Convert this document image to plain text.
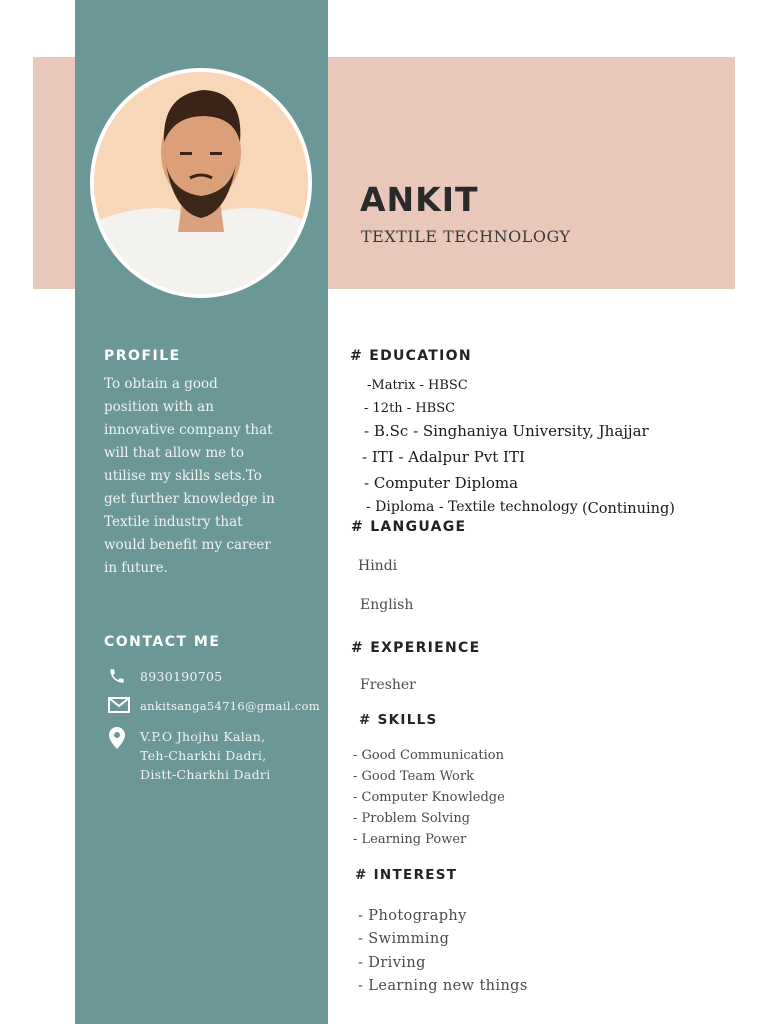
ANKIT
TEXTILE TECHNOLOGY
PROFILE
To obtain a good
position with an
innovative company that
will that allow me to
utilise my skills sets.To
get further knowledge in
Textile industry that
would benefit my career
in future.
CONTACT ME
8930190705
ankitsanga54716@gmail.com
V.P.O Jhojhu Kalan,
Teh-Charkhi Dadri,
Distt-Charkhi Dadri
# EDUCATION
-Matrix - HBSC
- 12th - HBSC
- B.Sc - Singhaniya University, Jhajjar
- ITI - Adalpur Pvt ITI
- Computer Diploma
- Diploma - Textile technology (Continuing)
# LANGUAGE
Hindi
English
# EXPERIENCE
Fresher
# SKILLS
- Good Communication
- Good Team Work
- Computer Knowledge
- Problem Solving
- Learning Power
# INTEREST
- Photography
- Swimming
- Driving
- Learning new things
